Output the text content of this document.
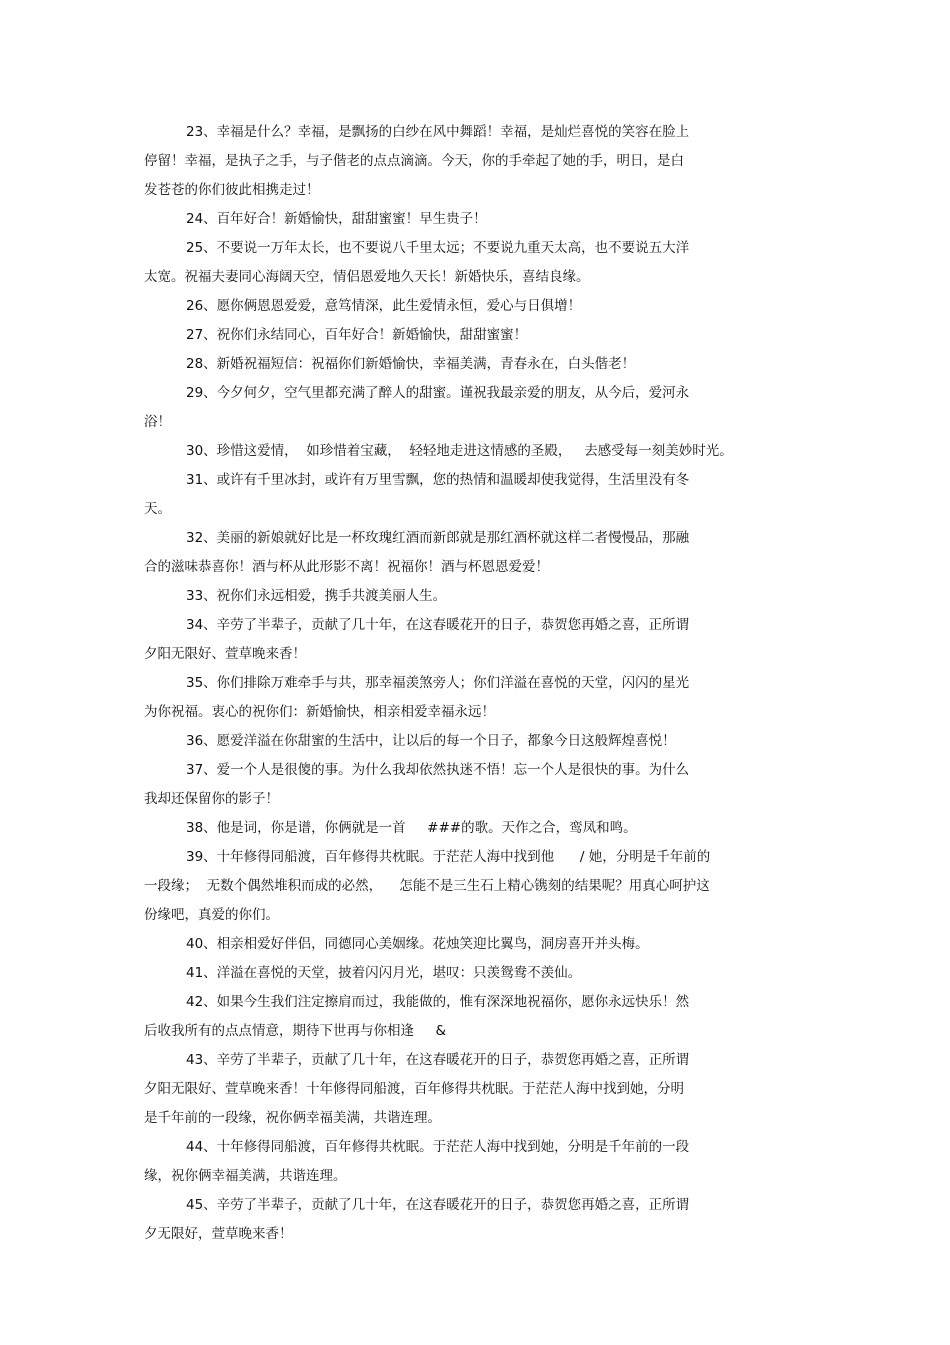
23、幸福是什么？幸福，是飘扬的白纱在风中舞蹈！幸福，是灿烂喜悦的笑容在脸上
停留！幸福，是执子之手，与子偕老的点点滴滴。今天，你的手牵起了她的手，明日，是白
发苍苍的你们彼此相携走过！
24、百年好合！新婚愉快，甜甜蜜蜜！早生贵子！
25、不要说一万年太长，也不要说八千里太远；不要说九重天太高，也不要说五大洋
太宽。祝福夫妻同心海阔天空，情侣恩爱地久天长！新婚快乐，喜结良缘。
26、愿你俩恩恩爱爱，意笃情深，此生爱情永恒，爱心与日俱增！
27、祝你们永结同心，百年好合！新婚愉快，甜甜蜜蜜！
28、新婚祝福短信：祝福你们新婚愉快，幸福美满，青春永在，白头偕老！
29、今夕何夕，空气里都充满了醉人的甜蜜。谨祝我最亲爱的朋友，从今后，爱河永
浴！
30、珍惜这爱情，  如珍惜着宝藏，  轻轻地走进这情感的圣殿，   去感受每一刻美妙时光。
31、或许有千里冰封，或许有万里雪飘，您的热情和温暖却使我觉得，生活里没有冬
天。
32、美丽的新娘就好比是一杯玫瑰红酒而新郎就是那红酒杯就这样二者慢慢品，那融
合的滋味恭喜你！酒与杯从此形影不离！祝福你！酒与杯恩恩爱爱！
33、祝你们永远相爱，携手共渡美丽人生。
34、辛劳了半辈子，贡献了几十年，在这春暖花开的日子，恭贺您再婚之喜，正所谓
夕阳无限好、萱草晚来香！
35、你们排除万难牵手与共，那幸福羡煞旁人；你们洋溢在喜悦的天堂，闪闪的星光
为你祝福。衷心的祝你们：新婚愉快，相亲相爱幸福永远！
36、愿爱洋溢在你甜蜜的生活中，让以后的每一个日子，都象今日这般辉煌喜悦！
37、爱一个人是很傻的事。为什么我却依然执迷不悟！忘一个人是很快的事。为什么
我却还保留你的影子！
38、他是词，你是谱，你俩就是一首     ###的歌。天作之合，鸾凤和鸣。
39、十年修得同船渡，百年修得共枕眠。于茫茫人海中找到他      / 她，分明是千年前的
一段缘；  无数个偶然堆积而成的必然，    怎能不是三生石上精心镌刻的结果呢？用真心呵护这
份缘吧，真爱的你们。
40、相亲相爱好伴侣，同德同心美姻缘。花烛笑迎比翼鸟，洞房喜开并头梅。
41、洋溢在喜悦的天堂，披着闪闪月光，堪叹：只羡鸳鸯不羡仙。
42、如果今生我们注定擦肩而过，我能做的，惟有深深地祝福你，愿你永远快乐！然
后收我所有的点点情意，期待下世再与你相逢     &
43、辛劳了半辈子，贡献了几十年，在这春暖花开的日子，恭贺您再婚之喜，正所谓
夕阳无限好、萱草晚来香！十年修得同船渡，百年修得共枕眠。于茫茫人海中找到她，分明
是千年前的一段缘，祝你俩幸福美满，共谐连理。
44、十年修得同船渡，百年修得共枕眠。于茫茫人海中找到她，分明是千年前的一段
缘，祝你俩幸福美满，共谐连理。
45、辛劳了半辈子，贡献了几十年，在这春暖花开的日子，恭贺您再婚之喜，正所谓
夕无限好，萱草晚来香！
